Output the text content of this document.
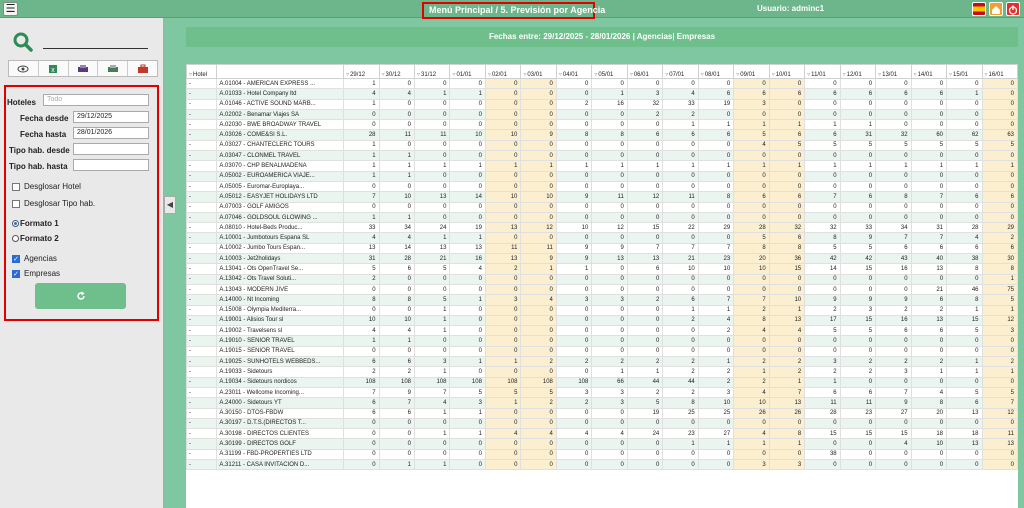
☰	Menú Principal / 5. Previsión por Agencia	Usuario: adminc1
x
Hoteles	Todo
Fecha desde	29/12/2025
Fecha hasta	28/01/2026
Tipo hab. desde
Tipo hab. hasta
Desglosar Hotel
Desglosar Tipo hab.
Formato 1
Formato 2
✓ Agencias
✓ Empresas
◀
Fechas entre: 29/12/2025 - 28/01/2026 | Agencias| Empresas
▿Hotel		▿29/12	▿30/12	▿31/12	▿01/01	▿02/01	▿03/01	▿04/01	▿05/01	▿06/01	▿07/01	▿08/01	▿09/01	▿10/01	▿11/01	▿12/01	▿13/01	▿14/01	▿15/01	▿16/01
-	A.01004 - AMERICAN EXPRESS ...	1	0	0	0	0	0	0	0	0	0	0	0	0	0	0	0	0	0	0
-	A.01033 - Hotel Company ltd	4	4	1	1	0	0	0	1	3	4	6	6	6	6	6	6	6	1	0
-	A.01046 - ACTIVE SOUND MARB...	1	0	0	0	0	0	2	16	32	33	19	3	0	0	0	0	0	0	0
-	A.02002 - Benamar Viajes SA	0	0	0	0	0	0	0	0	2	2	0	0	0	0	0	0	0	0	0
-	A.02030 - BWE BROADWAY TRAVEL	0	0	0	0	0	0	0	0	0	1	1	1	1	1	1	0	0	0	0
-	A.03026 - COME&SI S.L.	28	11	11	10	10	9	8	8	6	6	6	5	6	6	31	32	60	62	63
-	A.03027 - CHANTECLERC TOURS	1	0	0	0	0	0	0	0	0	0	0	4	5	5	5	5	5	5	5
-	A.03047 - CLONMEL TRAVEL	1	1	0	0	0	0	0	0	0	0	0	0	0	0	0	0	0	0	0
-	A.03070 - CHP BENALMADENA	1	1	1	1	1	1	1	1	1	1	1	1	1	1	1	1	1	1	1
-	A.05002 - EUROAMERICA VIAJE...	1	1	0	0	0	0	0	0	0	0	0	0	0	0	0	0	0	0	0
-	A.05005 - Euromar-Europlaya...	0	0	0	0	0	0	0	0	0	0	0	0	0	0	0	0	0	0	0
-	A.05012 - EASYJET HOLIDAYS LTD	7	10	13	14	10	10	9	11	12	11	8	6	6	7	6	8	7	6	6
-	A.07003 - GOLF AMIGOS	0	0	0	0	0	0	0	0	0	0	0	0	0	0	0	0	0	0	0
-	A.07046 - GOLDSOUL GLOWING ...	1	1	0	0	0	0	0	0	0	0	0	0	0	0	0	0	0	0	0
-	A.08010 - Hotel-Beds Produc...	33	34	24	19	13	12	10	12	15	22	29	28	32	32	33	34	31	28	29
-	A.10001 - Jumbotours Espana SL	4	4	1	1	0	0	0	0	0	0	0	5	6	8	9	7	7	4	2
-	A.10002 - Jumbo Tours Espan...	13	14	13	13	11	11	9	9	7	7	7	8	8	5	5	6	6	6	6
-	A.10003 - Jet2holidays	31	28	21	16	13	9	9	13	13	21	23	20	36	42	42	43	40	38	30
-	A.13041 - Ots OpenTravel Se...	5	6	5	4	2	1	1	0	6	10	10	10	15	14	15	16	13	8	8
-	A.13042 - Ots Travel Soluti...	2	0	0	0	0	0	0	0	0	0	0	0	0	0	0	0	0	0	1
-	A.13043 - MODERN JIVE	0	0	0	0	0	0	0	0	0	0	0	0	0	0	0	0	21	46	75
-	A.14000 - Nt Incoming	8	8	5	1	3	4	3	3	2	6	7	7	10	9	9	9	6	8	5
-	A.15008 - Olympia Mediterra...	0	0	1	0	0	0	0	0	0	1	1	2	1	2	3	2	2	1	1
-	A.19001 - Alisios Tour sl	10	10	1	0	0	0	0	0	0	2	4	8	13	17	15	16	13	15	12
-	A.19002 - Travelsens sl	4	4	1	0	0	0	0	0	0	0	2	4	4	5	5	6	6	5	3
-	A.19010 - SENIOR TRAVEL	1	1	0	0	0	0	0	0	0	0	0	0	0	0	0	0	0	0	0
-	A.19015 - SENIOR TRAVEL	0	0	0	0	0	0	0	0	0	0	0	0	0	0	0	0	0	0	0
-	A.19025 - SUNHOTELS WEBBEDS...	6	6	3	1	1	2	2	2	2	2	1	2	2	3	2	2	2	1	2
-	A.19033 - Sidetours	2	2	1	0	0	0	0	1	1	2	2	1	2	2	2	3	1	1	1
-	A.19034 - Sidetours nordicos	108	108	108	108	108	108	108	66	44	44	2	2	1	1	0	0	0	0	0
-	A.23011 - Wellcome Incoming...	7	9	7	5	5	5	3	3	2	2	3	4	7	6	6	7	4	5	5
-	A.24000 - Sidetours YT	6	7	4	3	1	2	2	3	5	8	10	10	13	11	11	9	8	6	7
-	A.30150 - DTOS-FBDW	6	6	1	1	0	0	0	0	19	25	25	26	26	28	23	27	20	13	12
-	A.30197 - D.T.S.(DIRECTOS T...	0	0	0	0	0	0	0	0	0	0	0	0	0	0	0	0	0	0	0
-	A.30198 - DIRECTOS CLIENTES	0	0	1	1	4	4	4	4	24	23	27	4	8	15	15	15	18	18	11
-	A.30199 - DIRECTOS GOLF	0	0	0	0	0	0	0	0	0	1	1	1	1	0	0	4	10	13	13
-	A.31199 - FBD-PROPERTIES LTD	0	0	0	0	0	0	0	0	0	0	0	0	0	38	0	0	0	0	0
-	A.31211 - CASA INVITACION D...	0	1	1	0	0	0	0	0	0	0	0	3	3	0	0	0	0	0	0
